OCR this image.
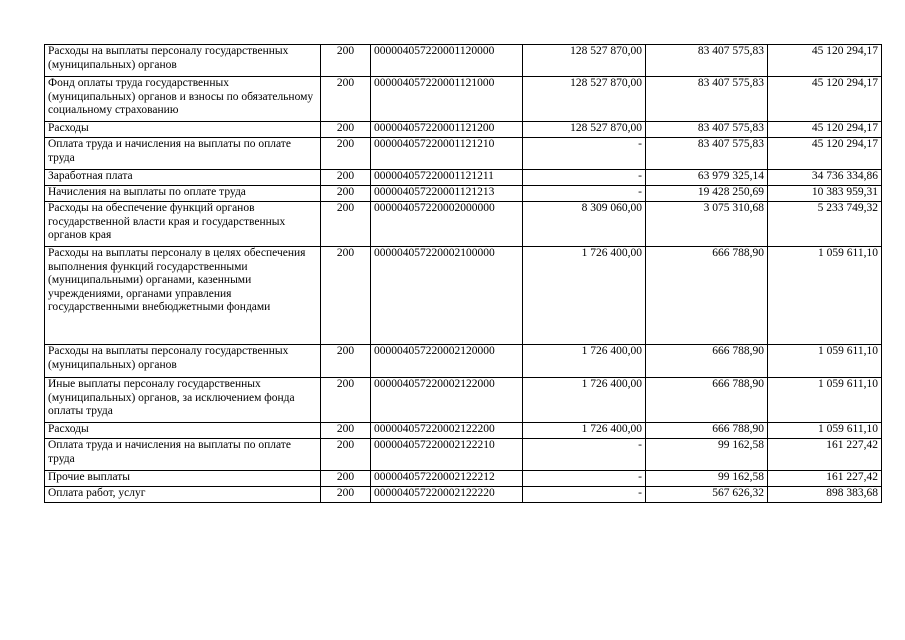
Расходы на выплаты персоналу государственных (муниципальных) органов	200	00000405722000112000​0	128 527 870,00	83 407 575,83	45 120 294,17
Фонд оплаты труда государственных (муниципальных) органов и взносы по обязательному социальному страхованию	200	00000405722000112100​0	128 527 870,00	83 407 575,83	45 120 294,17
Расходы	200	00000405722000112120​0	128 527 870,00	83 407 575,83	45 120 294,17
Оплата труда и начисления на выплаты по оплате труда	200	00000405722000112121​0	-	83 407 575,83	45 120 294,17
Заработная плата	200	00000405722000112121​1	-	63 979 325,14	34 736 334,86
Начисления на выплаты по оплате труда	200	00000405722000112121​3	-	19 428 250,69	10 383 959,31
Расходы на обеспечение функций органов государственной власти края и государственных органов края	200	00000405722000200000​0	8 309 060,00	3 075 310,68	5 233 749,32
Расходы на выплаты персоналу в целях обеспечения выполнения функций государственными (муниципальными) органами, казенными учреждениями, органами управления государственными внебюджетными фондами	200	00000405722000210000​0	1 726 400,00	666 788,90	1 059 611,10
Расходы на выплаты персоналу государственных (муниципальных) органов	200	00000405722000212000​0	1 726 400,00	666 788,90	1 059 611,10
Иные выплаты персоналу государственных (муниципальных) органов, за исключением фонда оплаты труда	200	00000405722000212200​0	1 726 400,00	666 788,90	1 059 611,10
Расходы	200	00000405722000212220​0	1 726 400,00	666 788,90	1 059 611,10
Оплата труда и начисления на выплаты по оплате труда	200	00000405722000212221​0	-	99 162,58	161 227,42
Прочие выплаты	200	00000405722000212221​2	-	99 162,58	161 227,42
Оплата работ, услуг	200	00000405722000212222​0	-	567 626,32	898 383,68
